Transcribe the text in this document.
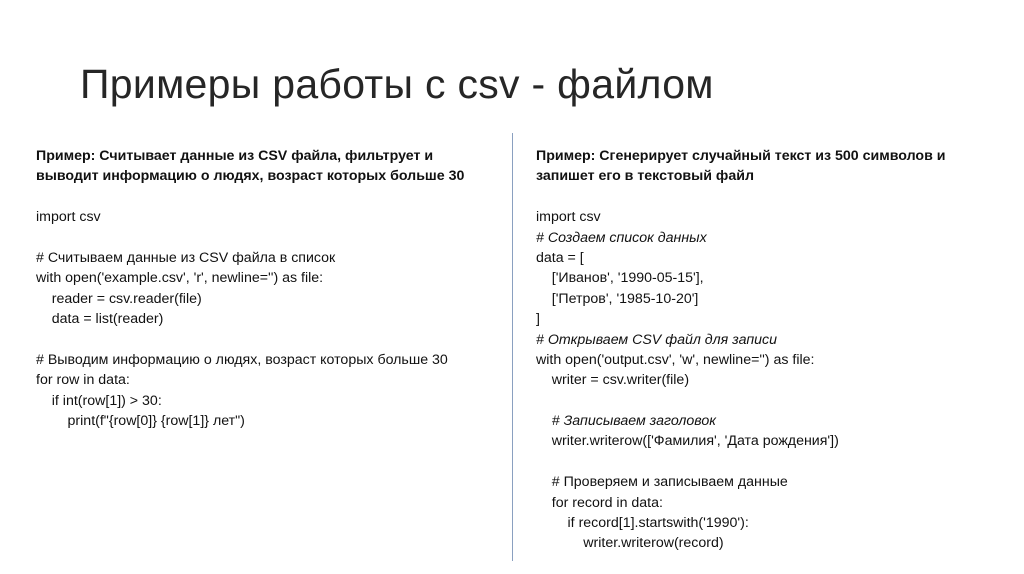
Примеры работы с csv - файлом
Пример: Считывает данные из CSV файла, фильтрует и
выводит информацию о людях, возраст которых больше 30
import csv
# Считываем данные из CSV файла в список
with open('example.csv', 'r', newline='') as file:
reader = csv.reader(file)
data = list(reader)
# Выводим информацию о людях, возраст которых больше 30
for row in data:
if int(row[1]) > 30:
print(f"{row[0]} {row[1]} лет")
Пример: Сгенерирует случайный текст из 500 символов и
запишет его в текстовый файл
import csv
# Создаем список данных
data = [
['Иванов', '1990-05-15'],
['Петров', '1985-10-20']
]
# Открываем CSV файл для записи
with open('output.csv', 'w', newline='') as file:
writer = csv.writer(file)
# Записываем заголовок
writer.writerow(['Фамилия', 'Дата рождения'])
# Проверяем и записываем данные
for record in data:
if record[1].startswith('1990'):
writer.writerow(record)
